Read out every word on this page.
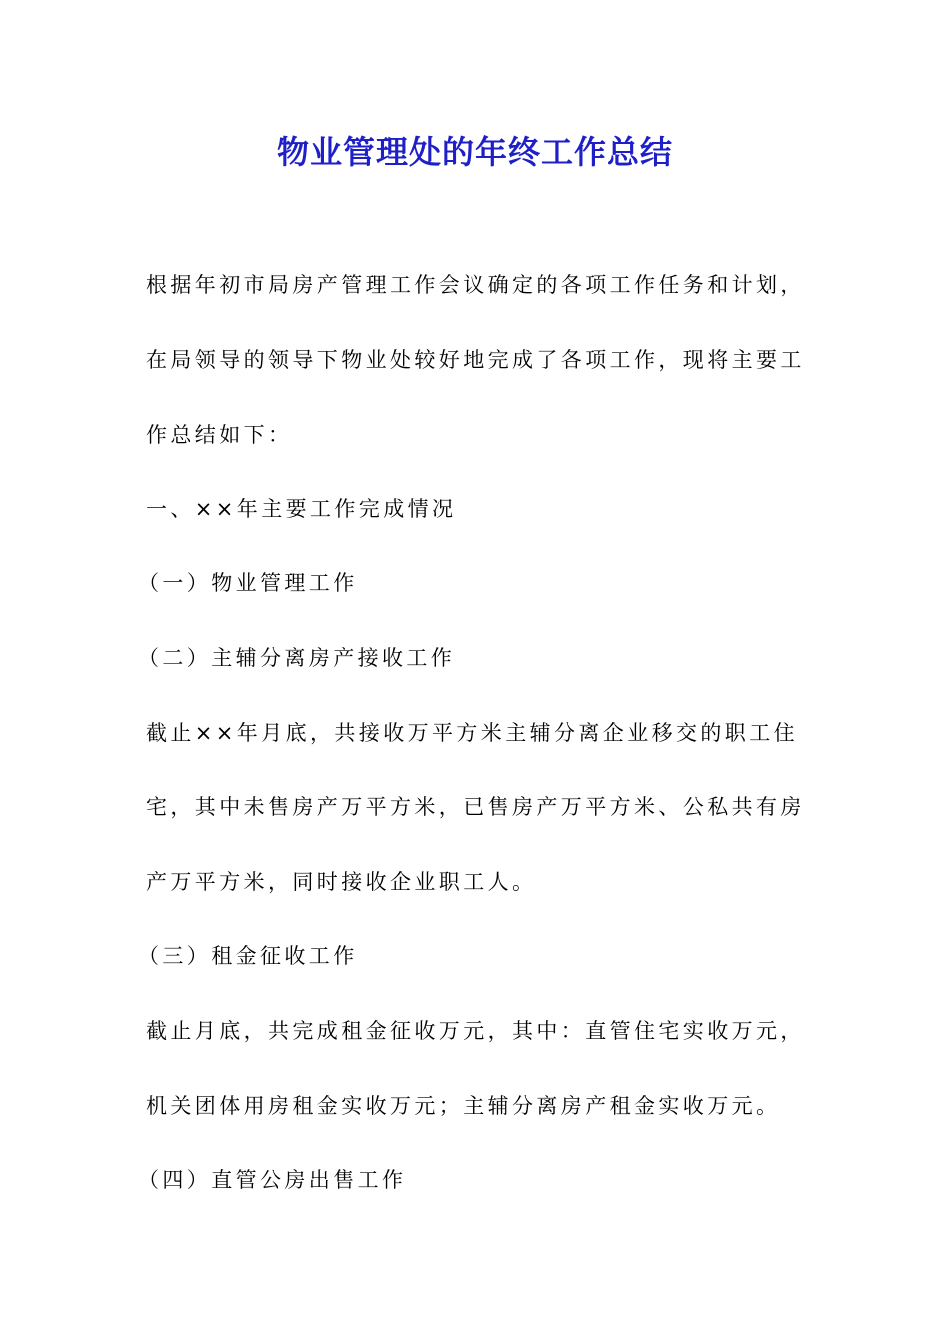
物业管理处的年终工作总结
根据年初市局房产管理工作会议确定的各项工作任务和计划，
在局领导的领导下物业处较好地完成了各项工作，现将主要工
作总结如下：
一、××年主要工作完成情况
（一）物业管理工作
（二）主辅分离房产接收工作
截止××年月底，共接收万平方米主辅分离企业移交的职工住
宅，其中未售房产万平方米，已售房产万平方米、公私共有房
产万平方米，同时接收企业职工人。
（三）租金征收工作
截止月底，共完成租金征收万元，其中：直管住宅实收万元，
机关团体用房租金实收万元；主辅分离房产租金实收万元。
（四）直管公房出售工作
